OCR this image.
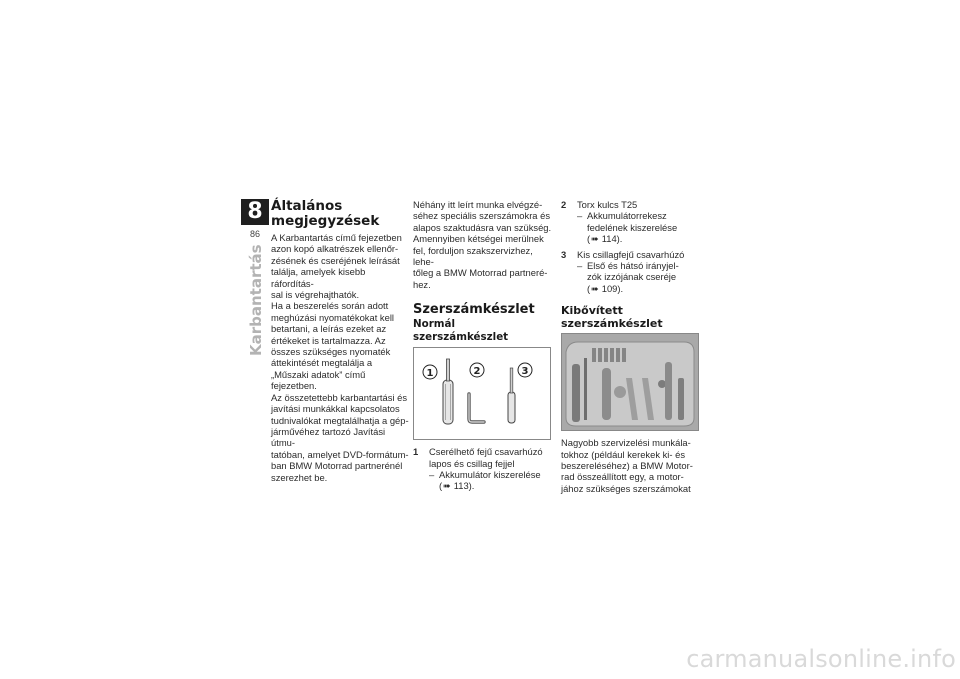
8
86
Karbantartás
Általános
megjegyzések

A Karbantartás című fejezetben
azon kopó alkatrészek ellenőr-
zésének és cseréjének leírását
találja, amelyek kisebb ráfordítás-
sal is végrehajthatók.

Ha a beszerelés során adott
meghúzási nyomatékokat kell
betartani, a leírás ezeket az
értékeket is tartalmazza. Az
összes szükséges nyomaték
áttekintését megtalálja a
„Műszaki adatok” című
fejezetben.

Az összetettebb karbantartási és
javítási munkákkal kapcsolatos
tudnivalókat megtalálhatja a gép-
járművéhez tartozó Javítási útmu-
tatóban, amelyet DVD-formátum-
ban BMW Motorrad partnerénél
szerezhet be.

Néhány itt leírt munka elvégzé-
séhez speciális szerszámokra és
alapos szaktudásra van szükség.
Amennyiben kétségei merülnek
fel, forduljon szakszervizhez, lehe-
tőleg a BMW Motorrad partneré-
hez.

Szerszámkészlet
Normál szerszámkészlet
1	2	3
1 Cserélhető fejű csavarhúzó
lapos és csillag fejjel
– Akkumulátor kiszerelése
(➠ 113).
2 Torx kulcs T25
– Akkumulátorrekesz
fedelének kiszerelése
(➠ 114).
3 Kis csillagfejű csavarhúzó
– Első és hátsó irányjel-
zók izzójának cseréje
(➠ 109).
Kibővített
szerszámkészlet

Nagyobb szervizelési munkála-
tokhoz (például kerekek ki- és
beszereléséhez) a BMW Motor-
rad összeállított egy, a motor-
jához szükséges szerszámokat

carmanualsonline.info
